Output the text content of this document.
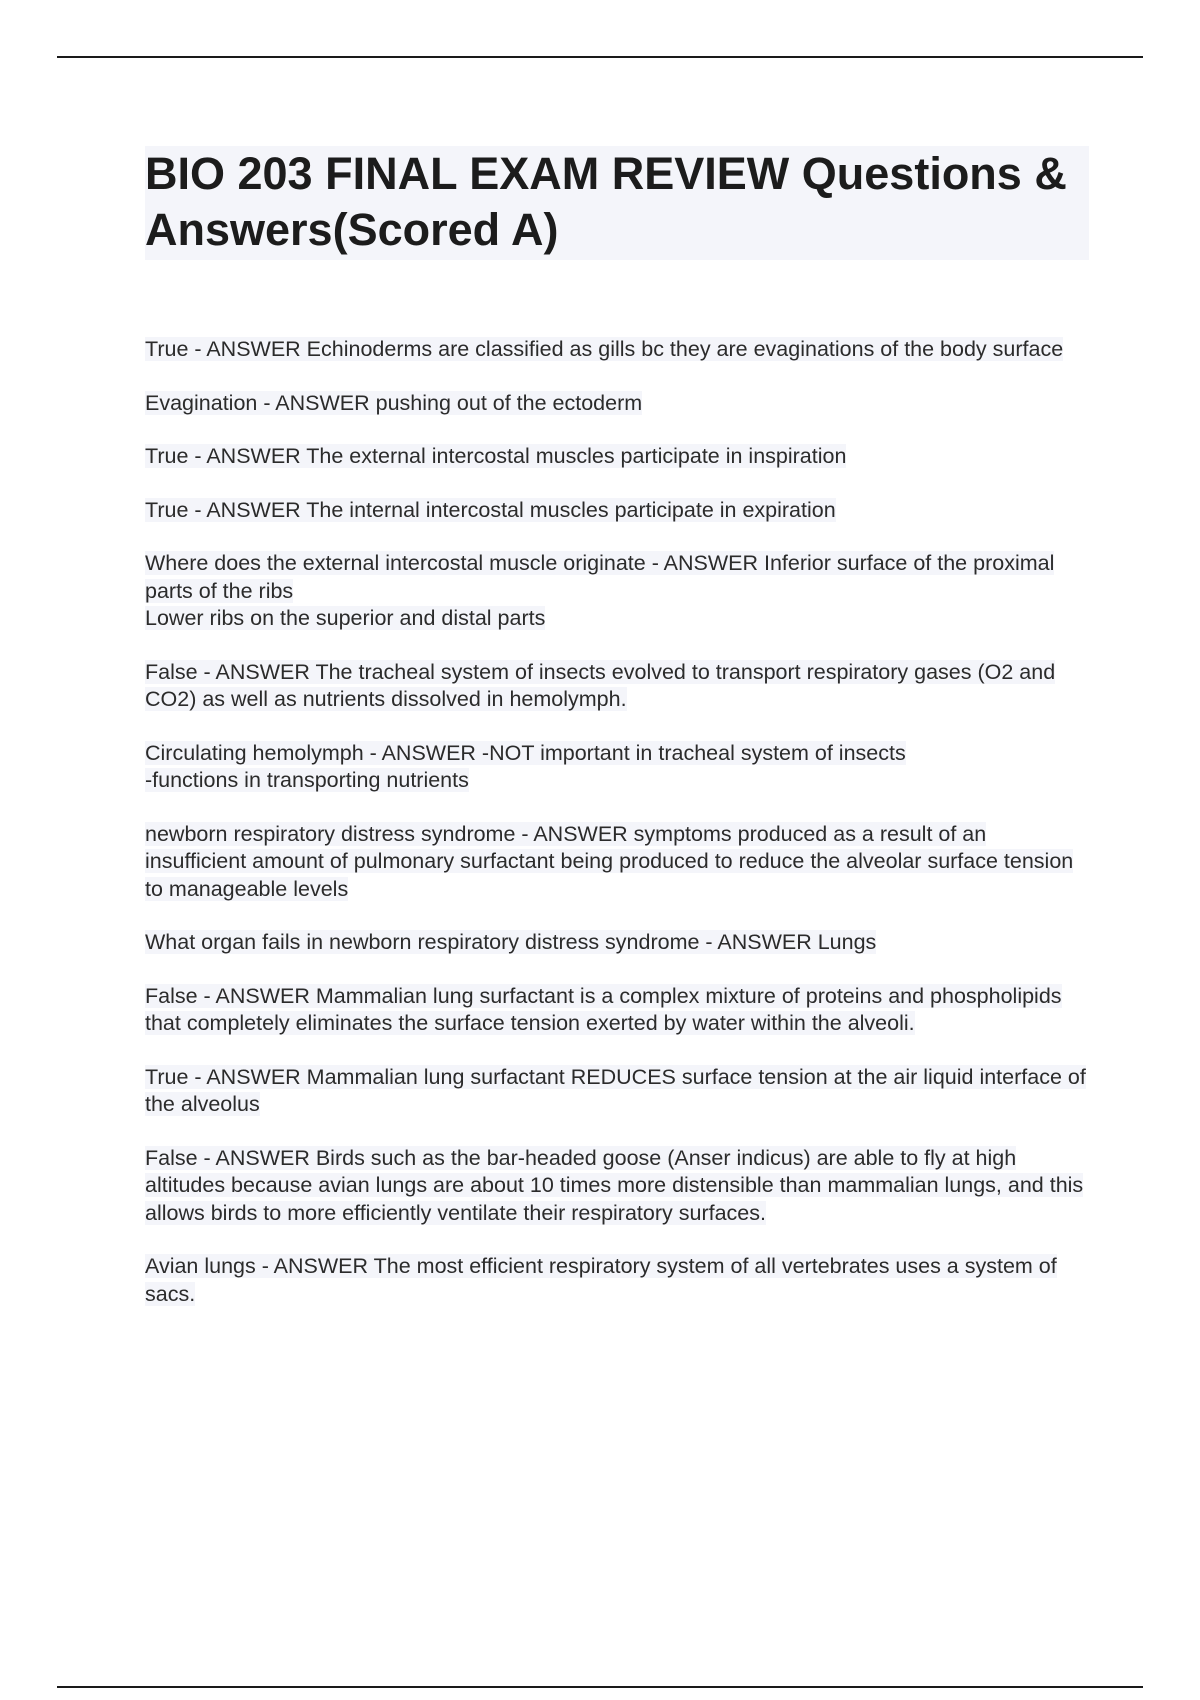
BIO 203 FINAL EXAM REVIEW Questions & Answers(Scored A)

True - ANSWER Echinoderms are classified as gills bc they are evaginations of the body surface

Evagination - ANSWER pushing out of the ectoderm

True - ANSWER The external intercostal muscles participate in inspiration

True - ANSWER The internal intercostal muscles participate in expiration

Where does the external intercostal muscle originate - ANSWER Inferior surface of the proximal parts of the ribs
Lower ribs on the superior and distal parts

False - ANSWER The tracheal system of insects evolved to transport respiratory gases (O2 and CO2) as well as nutrients dissolved in hemolymph.

Circulating hemolymph - ANSWER -NOT important in tracheal system of insects
-functions in transporting nutrients

newborn respiratory distress syndrome - ANSWER symptoms produced as a result of an insufficient amount of pulmonary surfactant being produced to reduce the alveolar surface tension to manageable levels

What organ fails in newborn respiratory distress syndrome - ANSWER Lungs

False - ANSWER Mammalian lung surfactant is a complex mixture of proteins and phospholipids that completely eliminates the surface tension exerted by water within the alveoli.

True - ANSWER Mammalian lung surfactant REDUCES surface tension at the air liquid interface of the alveolus

False - ANSWER Birds such as the bar-headed goose (Anser indicus) are able to fly at high altitudes because avian lungs are about 10 times more distensible than mammalian lungs, and this allows birds to more efficiently ventilate their respiratory surfaces.

Avian lungs - ANSWER The most efficient respiratory system of all vertebrates uses a system of sacs.
